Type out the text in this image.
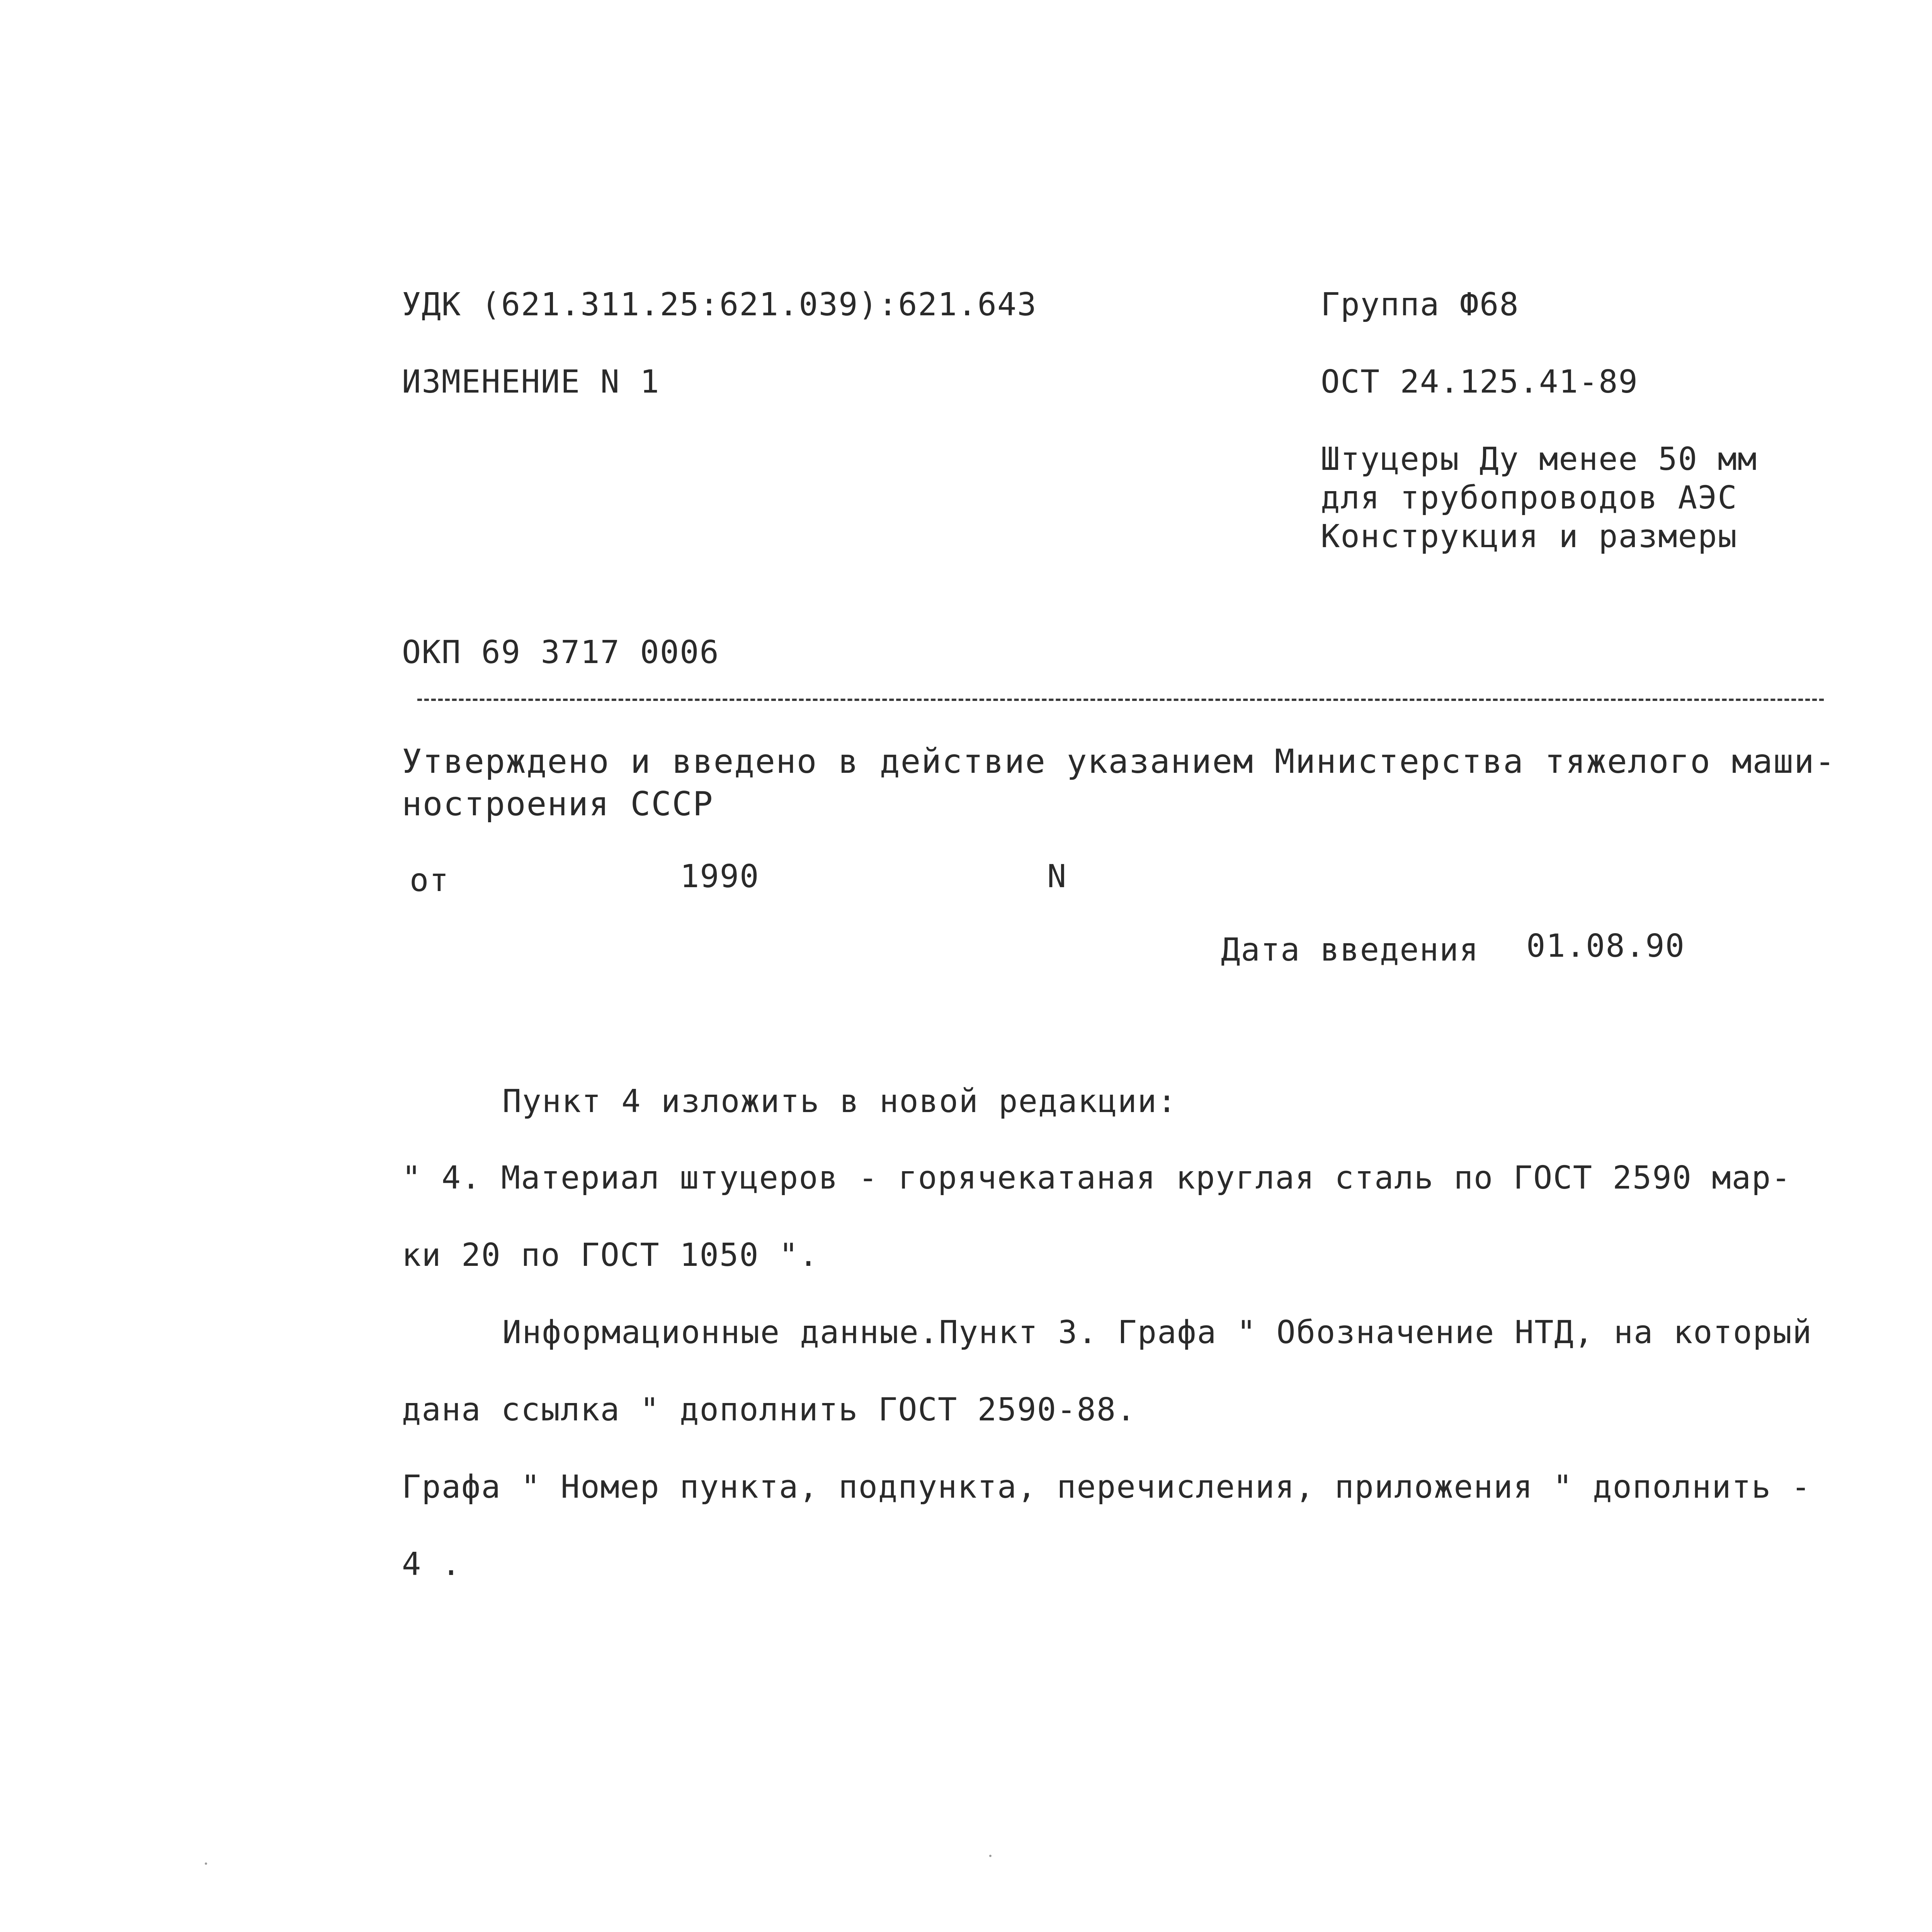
УДК (621.311.25:621.039):621.643	Группа Ф68
ИЗМЕНЕНИЕ N 1	ОСТ 24.125.41-89
Штуцеры Ду менее 50 мм
для трубопроводов АЭС
Конструкция и размеры
ОКП 69 3717 0006
Утверждено и введено в действие указанием Министерства тяжелого маши-
ностроения СССР
от	1990	N
Дата введения 01.08.90
Пункт 4 изложить в новой редакции:
" 4. Материал штуцеров - горячекатаная круглая сталь по ГОСТ 2590 мар-
ки 20 по ГОСТ 1050 ".
Информационные данные.Пункт 3. Графа " Обозначение НТД, на который
дана ссылка " дополнить ГОСТ 2590-88.
Графа " Номер пункта, подпункта, перечисления, приложения " дополнить -
4 .
